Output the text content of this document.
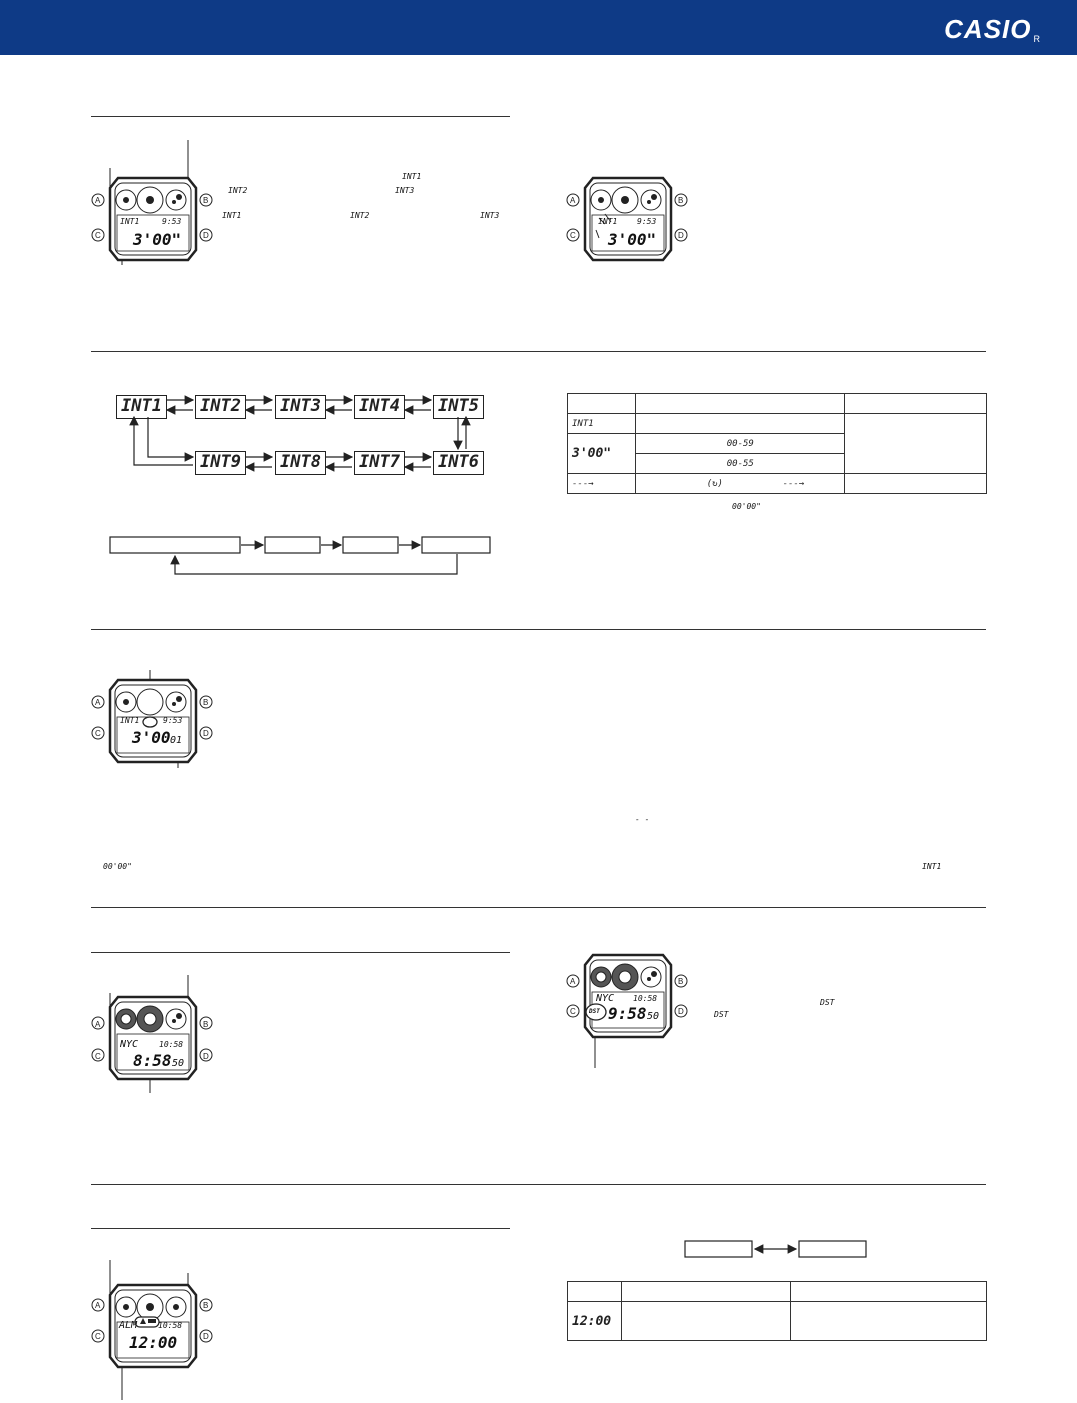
CASIO R
A	B
C	D
INT1	9:53
3'00"
INT1
INT2	INT3
INT1	INT2	INT3
A	B
C	D
INT1 9:53
3'00"
INT1 INT2 INT3 INT4 INT5
INT9 INT8 INT7 INT6

INT1		
3'00"	00-59	
	00-55	
---→	(↻) ---→	
00'00"
A	B
C	D
INT1	9:53
3'00 01
- -
00'00"	INT1
A	B
C	D
NYC	10:58
8:58 50
A	B
C	D
NYC 10:58
DST 9:58 50
DST
DST
A	B
C	D
ALM	10:58
12:00

12:00		
